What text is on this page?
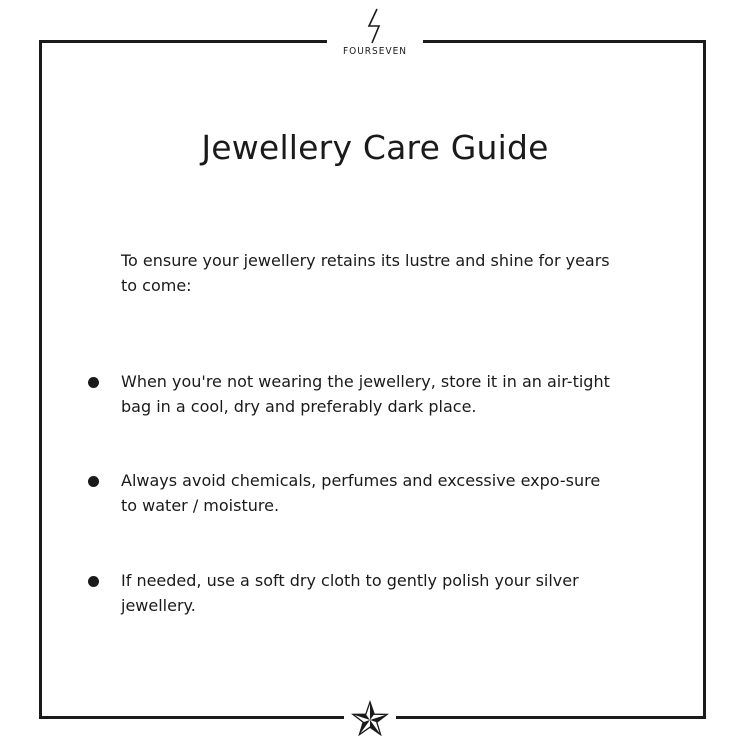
FOURSEVEN
Jewellery Care Guide

To ensure your jewellery retains its lustre and shine for years to come:

When you're not wearing the jewellery, store it in an air-tight bag in a cool, dry and preferably dark place.
Always avoid chemicals, perfumes and excessive expo-sure to water / moisture.
If needed, use a soft dry cloth to gently polish your silver jewellery.
